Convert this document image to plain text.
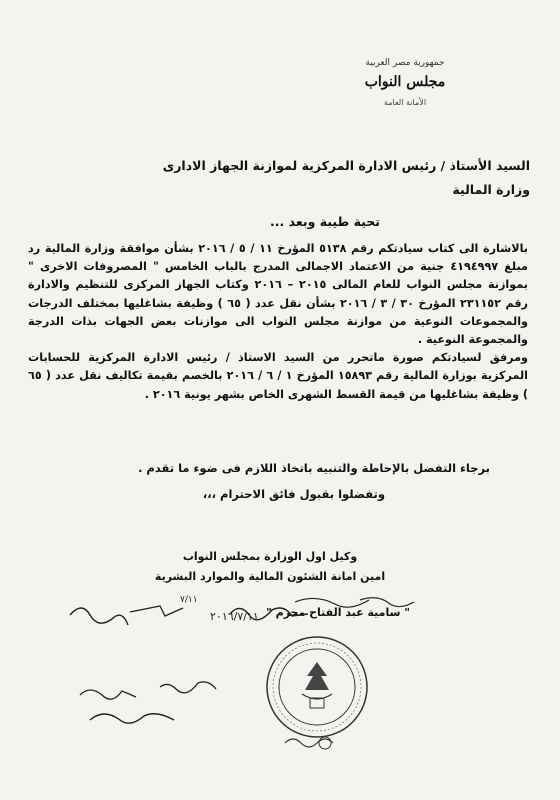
جمهورية مصر العربية
مجلس النواب
الأمانة العامة
السيد الأستاذ / رئيس الادارة المركزية لموازنة الجهاز الادارى
وزارة المالية
تحية طيبة وبعد ...

بالاشارة الى كتاب سيادتكم رقم ٥١٣٨ المؤرخ ١١ / ٥ / ٢٠١٦ بشأن موافقة وزارة المالية رد مبلغ ٤١٩٤٩٩٧ جنية من الاعتماد الاجمالى المدرج بالباب الخامس " المصروفات الاخرى " بموازنة مجلس النواب للعام المالى ٢٠١٥ – ٢٠١٦ وكتاب الجهاز المركزى للتنظيم والادارة رقم ٢٣١١٥٢ المؤرخ ٣٠ / ٣ / ٢٠١٦ بشأن نقل عدد ( ٦٥ ) وظيفة بشاغليها بمختلف الدرجات والمجموعات النوعية من موازنة مجلس النواب الى موازنات بعض الجهات بذات الدرجة والمجموعة النوعية .

ومرفق لسيادتكم صورة ماتحرر من السيد الاستاذ / رئيس الادارة المركزية للحسابات المركزية بوزارة المالية رقم ١٥٨٩٣ المؤرخ ١ / ٦ / ٢٠١٦ بالخصم بقيمة تكاليف نقل عدد ( ٦٥ ) وظيفة بشاغليها من قيمة القسط الشهرى الخاص بشهر يونية ٢٠١٦ .

برجاء التفضل بالإحاطة والتنبيه باتخاذ اللازم فى ضوء ما تقدم .
وتفضلوا بقبول فائق الاحترام ،،،
وكيل اول الوزارة بمجلس النواب
امين امانة الشئون المالية والموارد البشرية
" سامية عبد الفتاح محرم "
٢٠١٦/٧/١١
٧/١١
